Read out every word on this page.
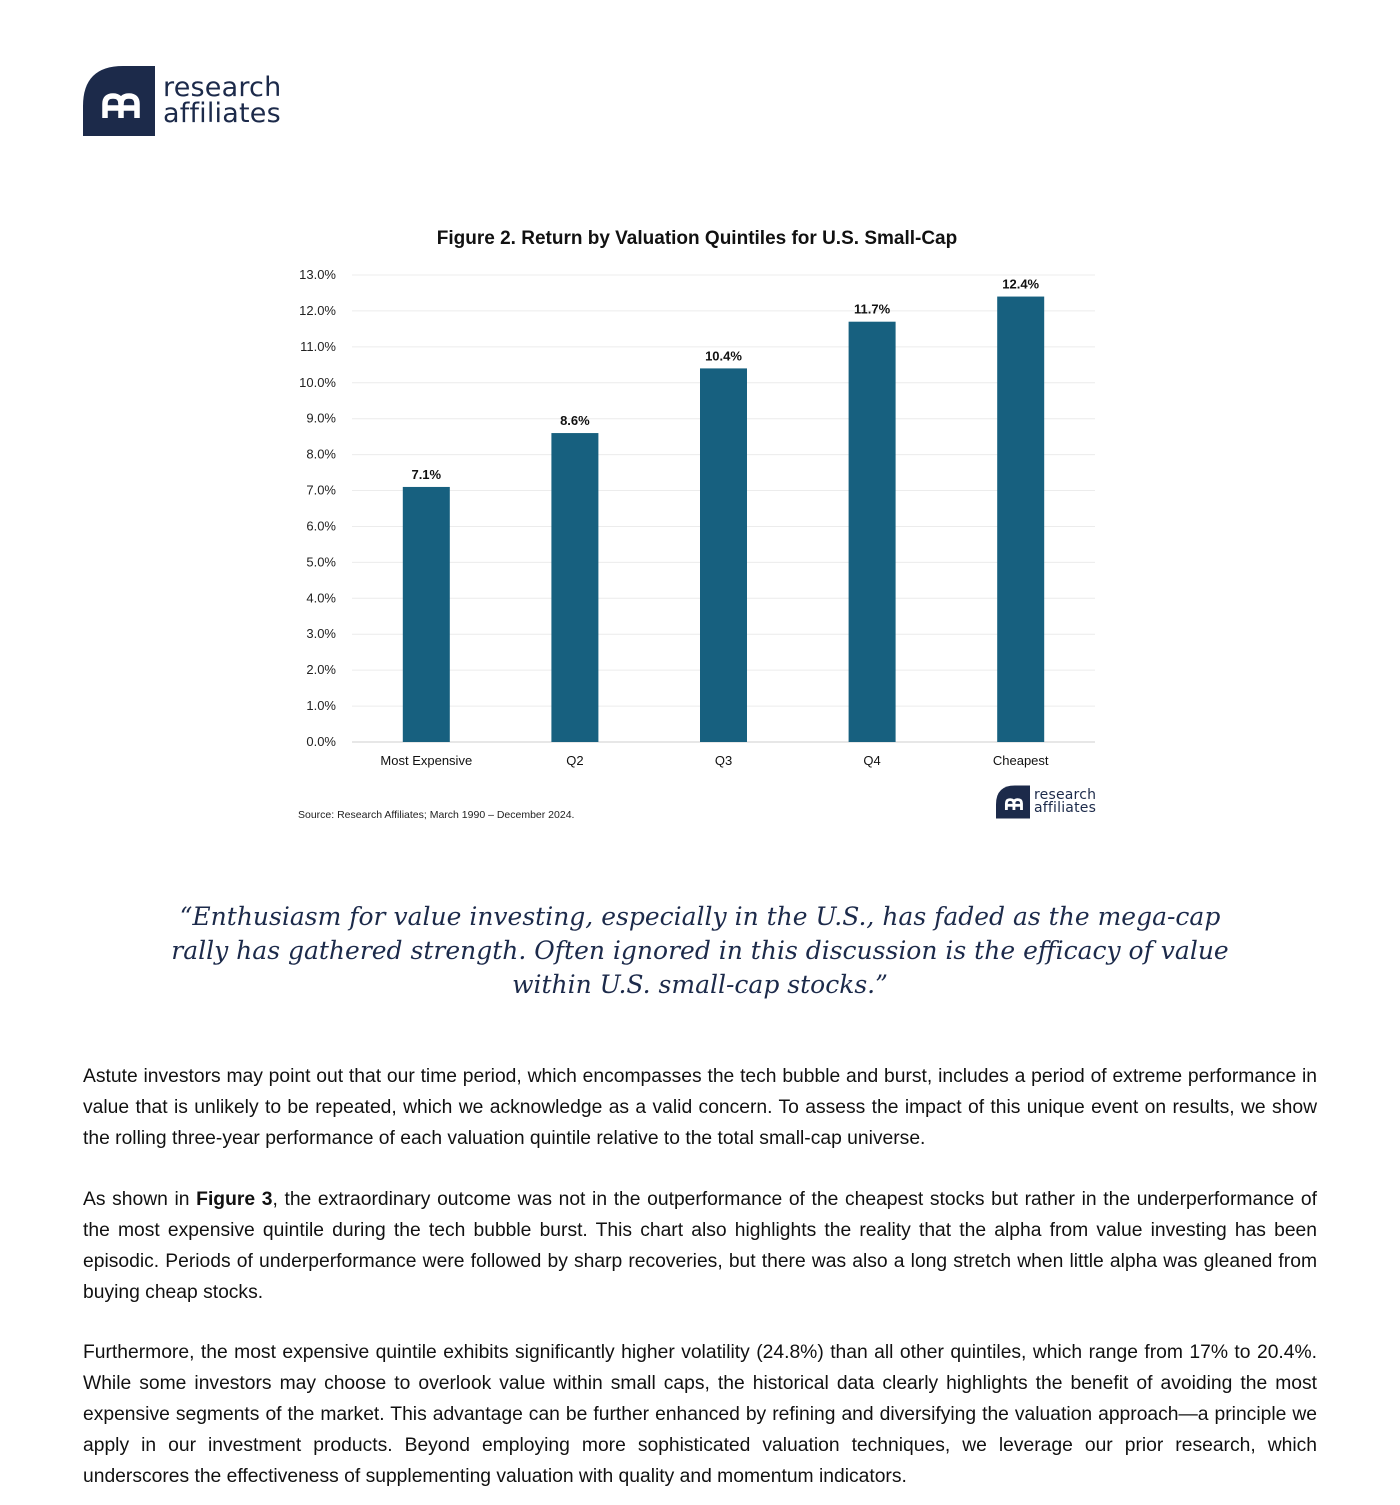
research
affiliates
Figure 2. Return by Valuation Quintiles for U.S. Small-Cap
0.0%
1.0%
2.0%
3.0%
4.0%
5.0%
6.0%
7.0%
8.0%
9.0%
10.0%
11.0%
12.0%
13.0%
7.1%
Most Expensive
8.6%
Q2
10.4%
Q3
11.7%
Q4
12.4%
Cheapest
Source: Research Affiliates; March 1990 – December 2024.
research
affiliates
“Enthusiasm for value investing, especially in the U.S., has faded as the mega-cap rally has gathered strength. Often ignored in this discussion is the efficacy of value within U.S. small-cap stocks.”
Astute investors may point out that our time period, which encompasses the tech bubble and burst, includes a period of extreme performance in value that is unlikely to be repeated, which we acknowledge as a valid concern. To assess the impact of this unique event on results, we show the rolling three-year performance of each valuation quintile relative to the total small-cap universe.
As shown in Figure 3, the extraordinary outcome was not in the outperformance of the cheapest stocks but rather in the underperformance of the most expensive quintile during the tech bubble burst. This chart also highlights the reality that the alpha from value investing has been episodic. Periods of underperformance were followed by sharp recoveries, but there was also a long stretch when little alpha was gleaned from buying cheap stocks.
Furthermore, the most expensive quintile exhibits significantly higher volatility (24.8%) than all other quintiles, which range from 17% to 20.4%. While some investors may choose to overlook value within small caps, the historical data clearly highlights the benefit of avoiding the most expensive segments of the market. This advantage can be further enhanced by refining and diversifying the valuation approach—a principle we apply in our investment products. Beyond employing more sophisticated valuation techniques, we leverage our prior research, which underscores the effectiveness of supplementing valuation with quality and momentum indicators.
